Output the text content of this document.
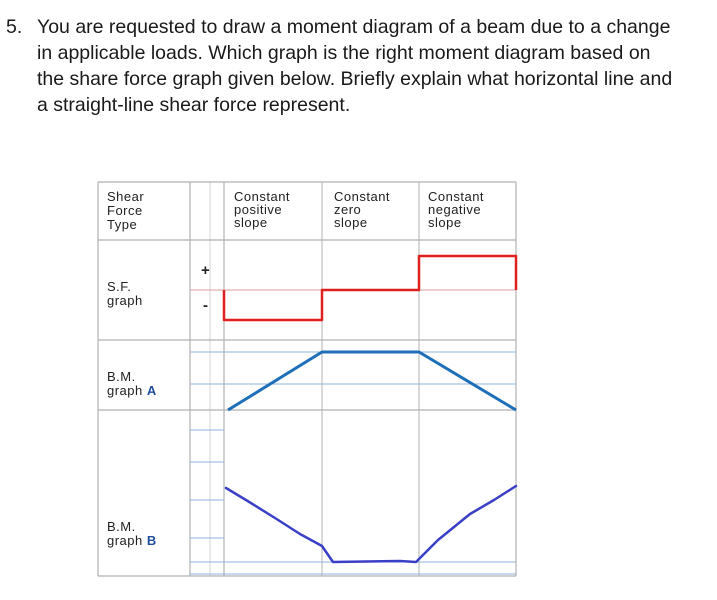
5. You are requested to draw a moment diagram of a beam due to a change in applicable loads. Which graph is the right moment diagram based on the share force graph given below. Briefly explain what horizontal line and a straight-line shear force represent.
Shear
Force
Type
Constant
positive
slope
Constant
zero
slope
Constant
negative
slope
S.F.
graph
B.M.
graph A
B.M.
graph B
+
-
